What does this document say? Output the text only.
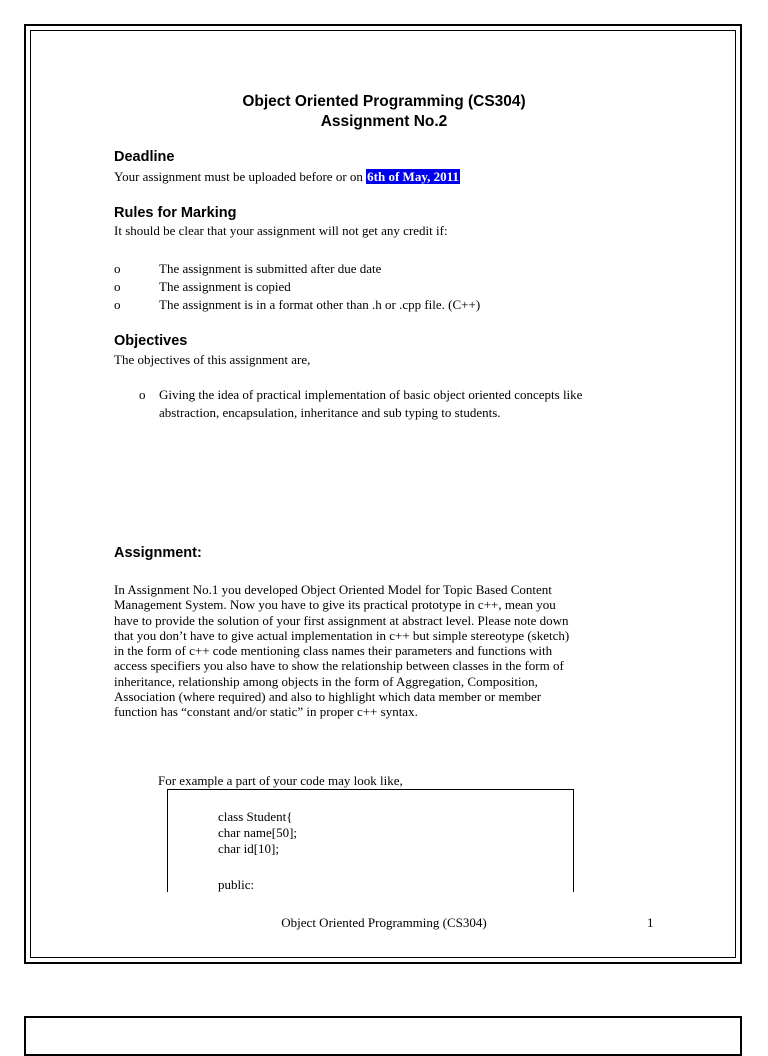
Object Oriented Programming (CS304)
Assignment No.2
Deadline
Your assignment must be uploaded before or on 6th of May, 2011
Rules for Marking
It should be clear that your assignment will not get any credit if:
o	The assignment is submitted after due date
o	The assignment is copied
o	The assignment is in a format other than .h or .cpp file. (C++)
Objectives
The objectives of this assignment are,
o Giving the idea of practical implementation of basic object oriented concepts like
abstraction, encapsulation, inheritance and sub typing to students.
Assignment:
In Assignment No.1 you developed Object Oriented Model for Topic Based Content
Management System. Now you have to give its practical prototype in c++, mean you
have to provide the solution of your first assignment at abstract level. Please note down
that you don’t have to give actual implementation in c++ but simple stereotype (sketch)
in the form of c++ code mentioning class names their parameters and functions with
access specifiers you also have to show the relationship between classes in the form of
inheritance, relationship among objects in the form of Aggregation, Composition,
Association (where required) and also to highlight which data member or member
function has “constant and/or static” in proper c++ syntax.
For example a part of your code may look like,
class Student{
char name[50];
char id[10];
public:
Object Oriented Programming (CS304)	1
